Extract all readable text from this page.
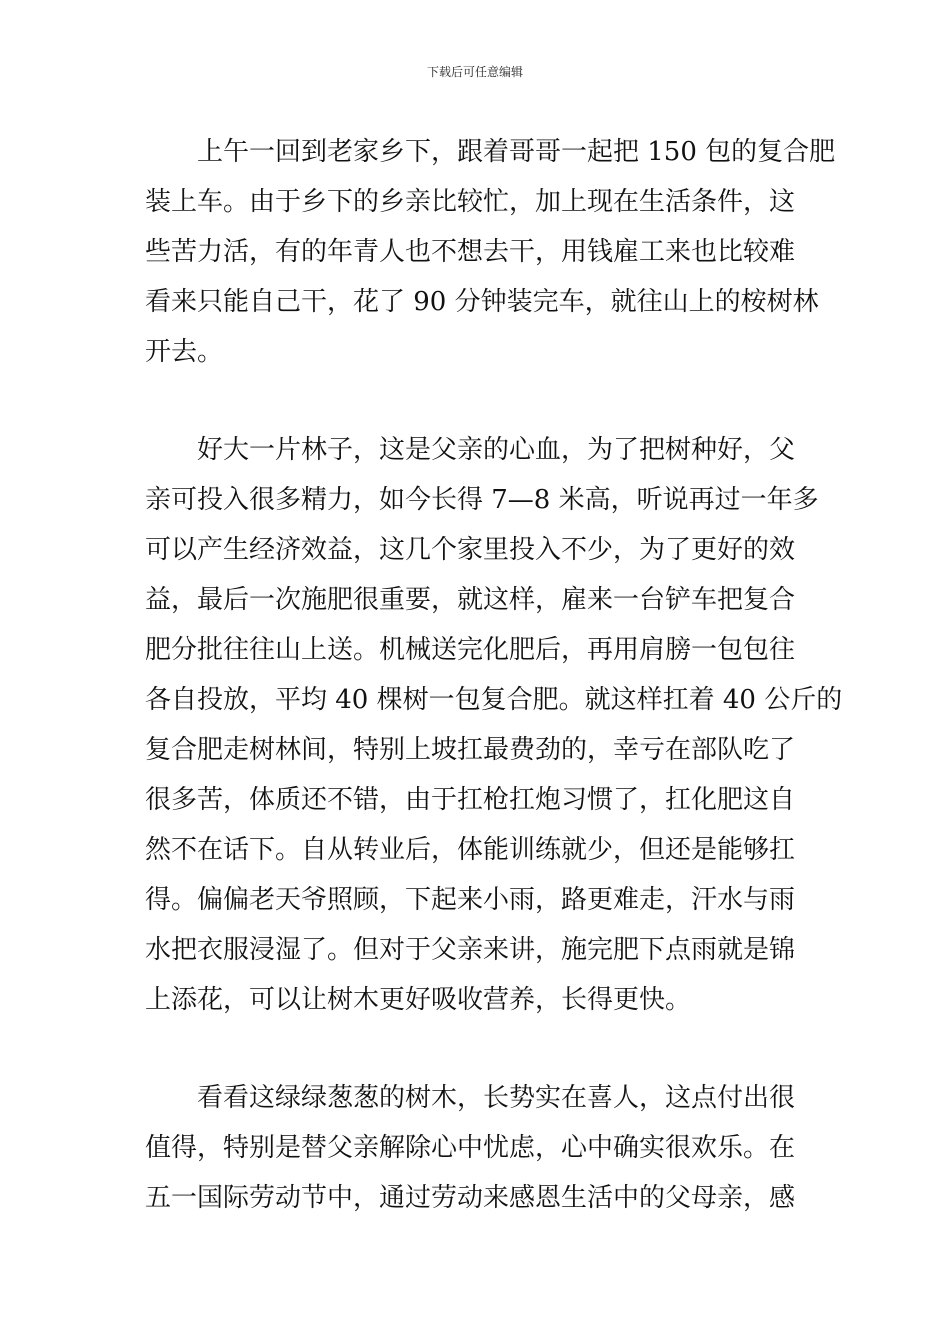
下载后可任意编辑
上午一回到老家乡下，跟着哥哥一起把 150 包的复合肥
装上车。由于乡下的乡亲比较忙，加上现在生活条件，这
些苦力活，有的年青人也不想去干，用钱雇工来也比较难
看来只能自己干，花了 90 分钟装完车，就往山上的桉树林
开去。
好大一片林子，这是父亲的心血，为了把树种好，父
亲可投入很多精力，如今长得 7—8 米高，听说再过一年多
可以产生经济效益，这几个家里投入不少，为了更好的效
益，最后一次施肥很重要，就这样，雇来一台铲车把复合
肥分批往往山上送。机械送完化肥后，再用肩膀一包包往
各自投放，平均 40 棵树一包复合肥。就这样扛着 40 公斤的
复合肥走树林间，特别上坡扛最费劲的，幸亏在部队吃了
很多苦，体质还不错，由于扛枪扛炮习惯了，扛化肥这自
然不在话下。自从转业后，体能训练就少，但还是能够扛
得。偏偏老天爷照顾，下起来小雨，路更难走，汗水与雨
水把衣服浸湿了。但对于父亲来讲，施完肥下点雨就是锦
上添花，可以让树木更好吸收营养，长得更快。
看看这绿绿葱葱的树木，长势实在喜人，这点付出很
值得，特别是替父亲解除心中忧虑，心中确实很欢乐。在
五一国际劳动节中，通过劳动来感恩生活中的父母亲，感
